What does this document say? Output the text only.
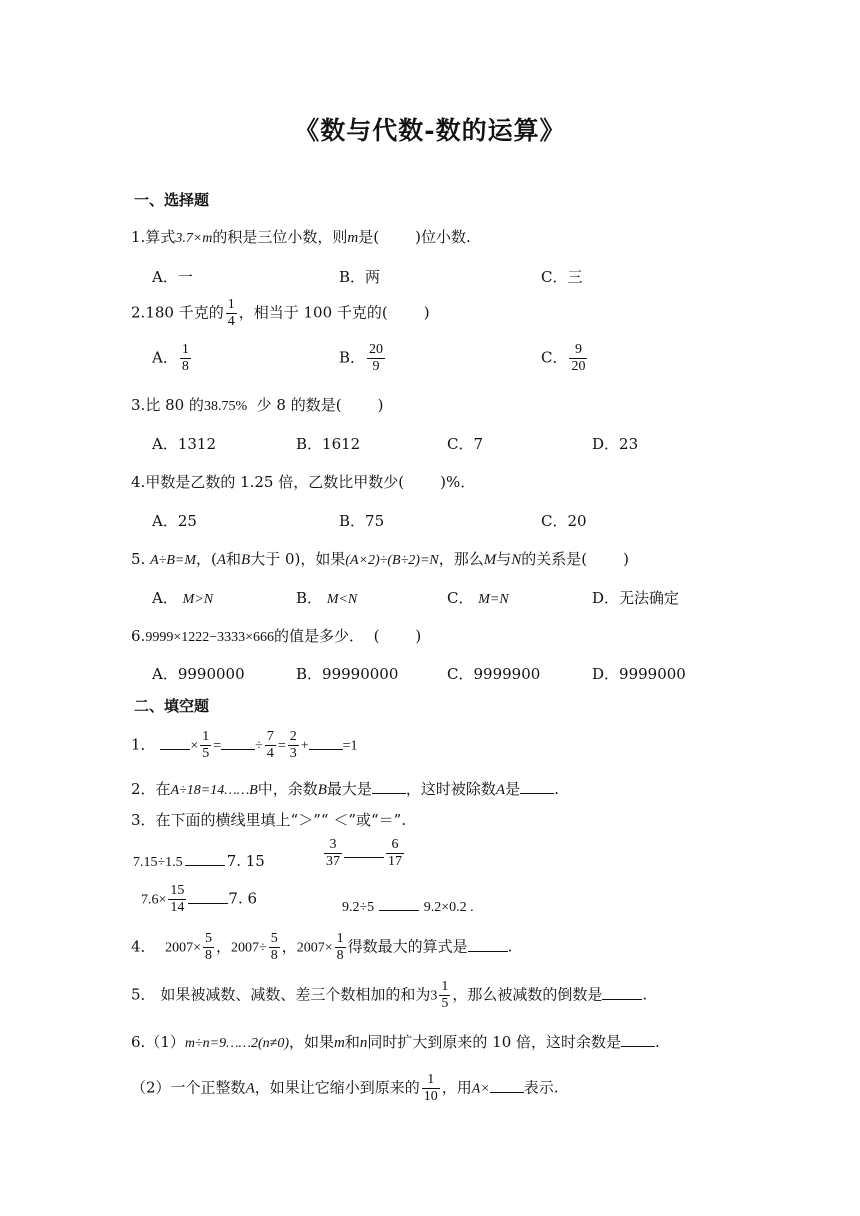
《数与代数-数的运算》
一、选择题
1.算式3.7×m的积是三位小数，则m是( )位小数.
A．一	B．两	C．三
2.180 千克的 $\frac{1}{4}$ ，相当于 100 千克的( )
A． $\frac{1}{8}$	B． $\frac{20}{9}$	C． $\frac{9}{20}$
3.比 80 的38.75% 少 8 的数是( )
A．1312	B．1612	C．7	D．23
4.甲数是乙数的 1.25 倍，乙数比甲数少( )%．
A．25	B．75	C．20
5. A÷B=M，(A和B大于 0)，如果(A×2)÷(B÷2)=N，那么M与N的关系是( )
A． M>N	B． M<N	C． M=N	D．无法确定
6.9999×1222−3333×666的值是多少． ( )
A．9990000	B．99990000	C．9999900	D．9999000
二、填空题
1． × $\frac{1}{5}$ = ÷ $\frac{7}{4} = \frac{2}{3} + =1$
2．在A÷18=14……B中，余数B最大是 ，这时被除数A是 .
3．在下面的横线里填上“＞”“ ＜”或“＝”.
7.15÷1.5	7. 15	$\frac{3}{37}$	$\frac{6}{17}$
$7.6\times \frac{15}{14}$	7. 6	9.2÷5	9.2×0.2 .
4． $2007\times \frac{5}{8}$ ，$2007\div \frac{5}{8}$ ，$2007\times \frac{1}{8}$ 得数最大的算式是	.
5． 如果被减数、减数、差三个数相加的和为$3 \frac{1}{5}$ ，那么被减数的倒数是	.
6.（1）m÷n=9……2(n≠0)，如果m和n同时扩大到原来的 10 倍，这时余数是 .
（2）一个正整数A，如果让它缩小到原来的 $\frac{1}{10}$ ，用A× 表示.
